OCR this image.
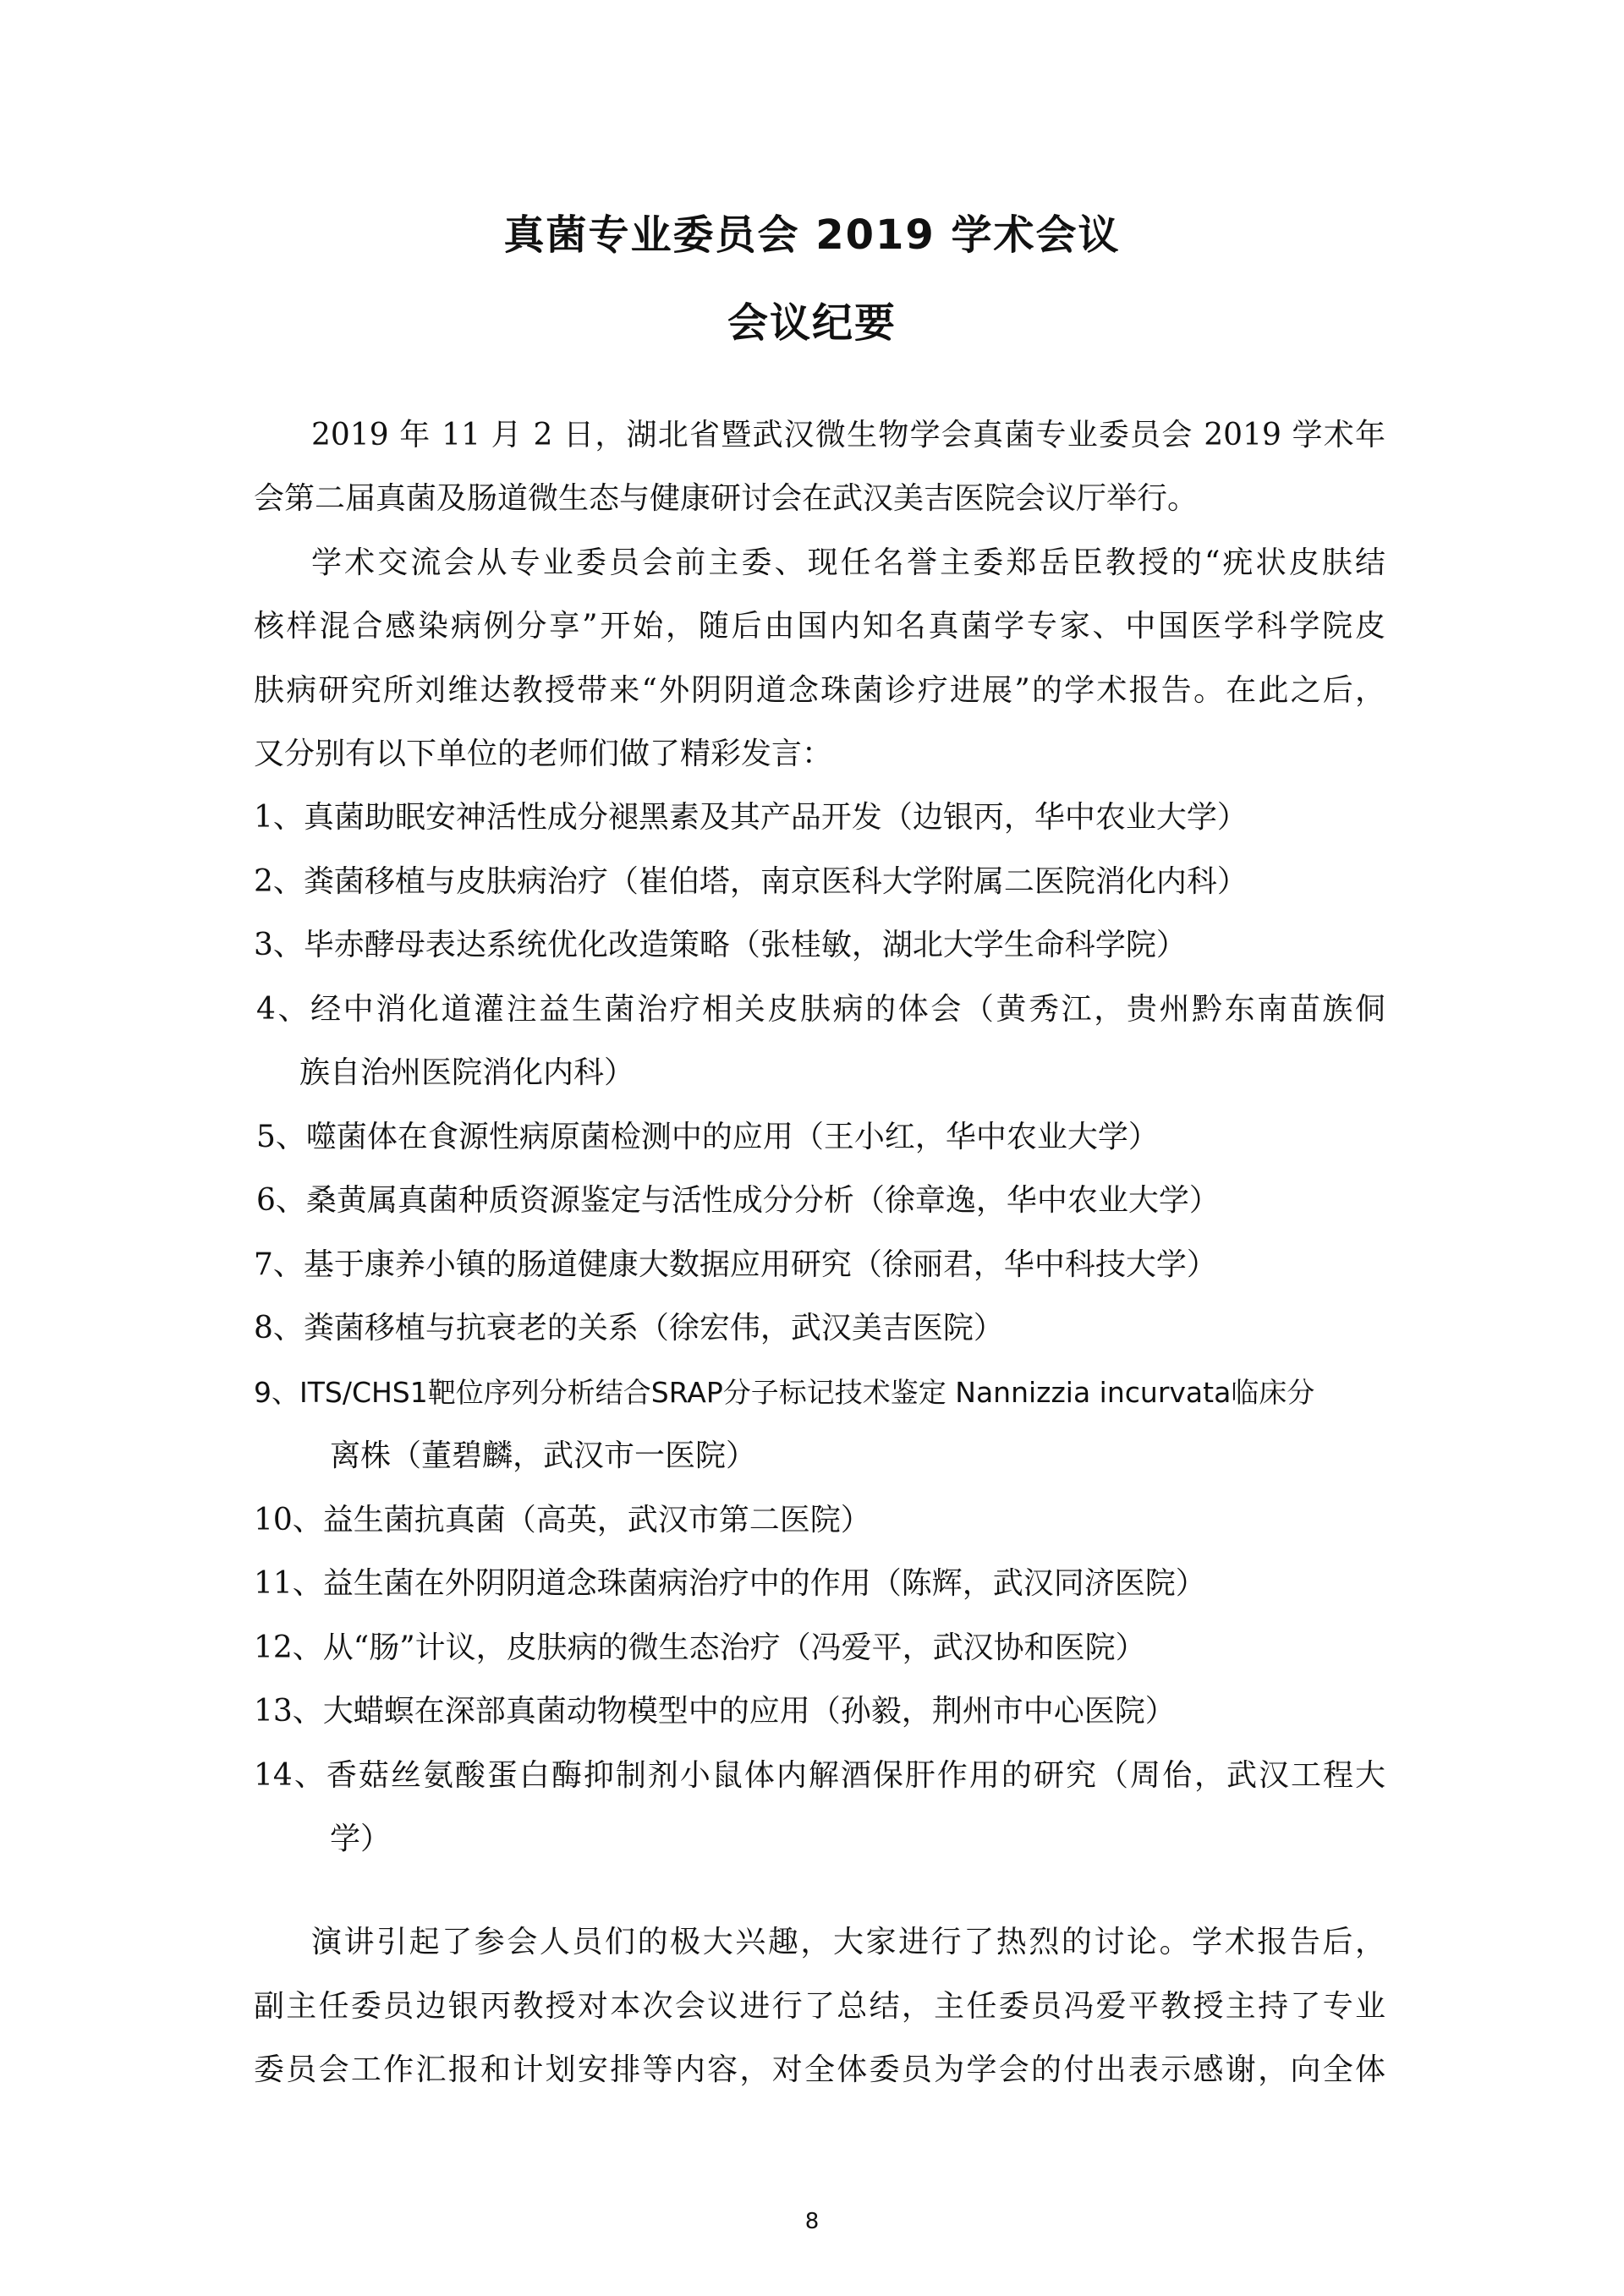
真菌专业委员会 2019 学术会议
会议纪要
2019 年 11 月 2 日，湖北省暨武汉微生物学会真菌专业委员会 2019 学术年
会第二届真菌及肠道微生态与健康研讨会在武汉美吉医院会议厅举行。
学术交流会从专业委员会前主委、现任名誉主委郑岳臣教授的“疣状皮肤结
核样混合感染病例分享”开始，随后由国内知名真菌学专家、中国医学科学院皮
肤病研究所刘维达教授带来“外阴阴道念珠菌诊疗进展”的学术报告。在此之后，
又分别有以下单位的老师们做了精彩发言：
1、真菌助眠安神活性成分褪黑素及其产品开发（边银丙，华中农业大学）
2、粪菌移植与皮肤病治疗（崔伯塔，南京医科大学附属二医院消化内科）
3、毕赤酵母表达系统优化改造策略（张桂敏，湖北大学生命科学院）
4、经中消化道灌注益生菌治疗相关皮肤病的体会（黄秀江，贵州黔东南苗族侗
族自治州医院消化内科）
5、噬菌体在食源性病原菌检测中的应用（王小红，华中农业大学）
6、桑黄属真菌种质资源鉴定与活性成分分析（徐章逸，华中农业大学）
7、基于康养小镇的肠道健康大数据应用研究（徐丽君，华中科技大学）
8、粪菌移植与抗衰老的关系（徐宏伟，武汉美吉医院）
9、ITS/CHS1靶位序列分析结合SRAP分子标记技术鉴定 Nannizzia incurvata临床分
离株（董碧麟，武汉市一医院）
10、益生菌抗真菌（高英，武汉市第二医院）
11、益生菌在外阴阴道念珠菌病治疗中的作用（陈辉，武汉同济医院）
12、从“肠”计议，皮肤病的微生态治疗（冯爱平，武汉协和医院）
13、大蜡螟在深部真菌动物模型中的应用（孙毅，荆州市中心医院）
14、香菇丝氨酸蛋白酶抑制剂小鼠体内解酒保肝作用的研究（周佁，武汉工程大
学）
演讲引起了参会人员们的极大兴趣，大家进行了热烈的讨论。学术报告后，
副主任委员边银丙教授对本次会议进行了总结，主任委员冯爱平教授主持了专业
委员会工作汇报和计划安排等内容，对全体委员为学会的付出表示感谢，向全体
8
